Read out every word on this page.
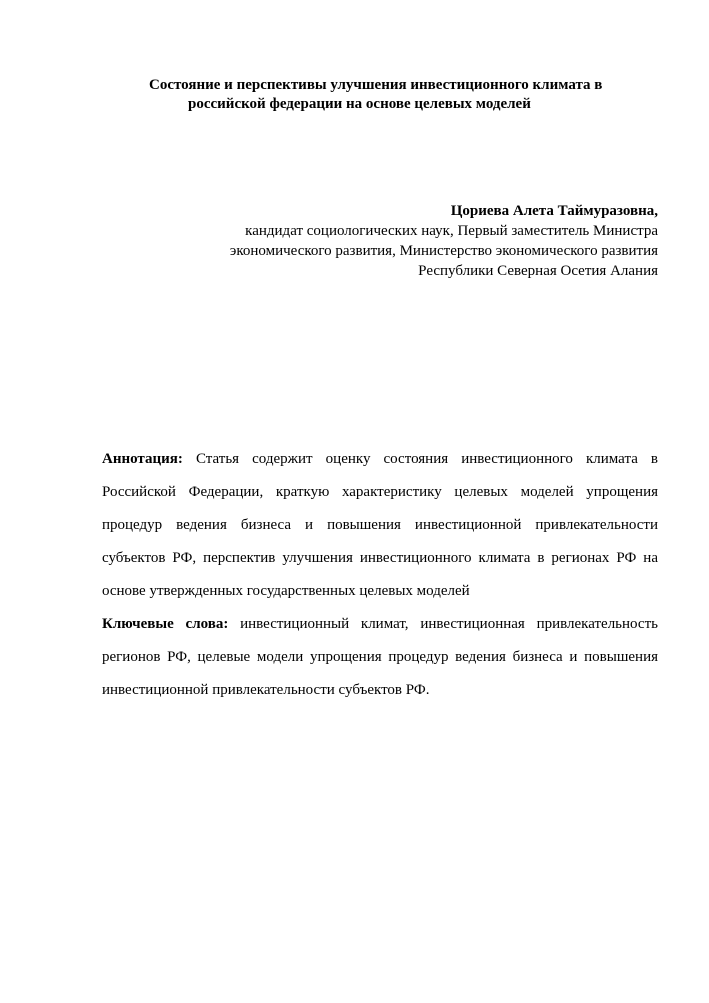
Состояние и перспективы улучшения инвестиционного климата в
российской федерации на основе целевых моделей
Цориева Алета Таймуразовна,
кандидат социологических наук, Первый заместитель Министра
экономического развития, Министерство экономического развития
Республики Северная Осетия Алания

Аннотация: Статья содержит оценку состояния инвестиционного климата в Российской Федерации, краткую характеристику целевых моделей упрощения процедур ведения бизнеса и повышения инвестиционной привлекательности субъектов РФ, перспектив улучшения инвестиционного климата в регионах РФ на основе утвержденных государственных целевых моделей

Ключевые слова: инвестиционный климат, инвестиционная привлекательность регионов РФ, целевые модели упрощения процедур ведения бизнеса и повышения инвестиционной привлекательности субъектов РФ.
